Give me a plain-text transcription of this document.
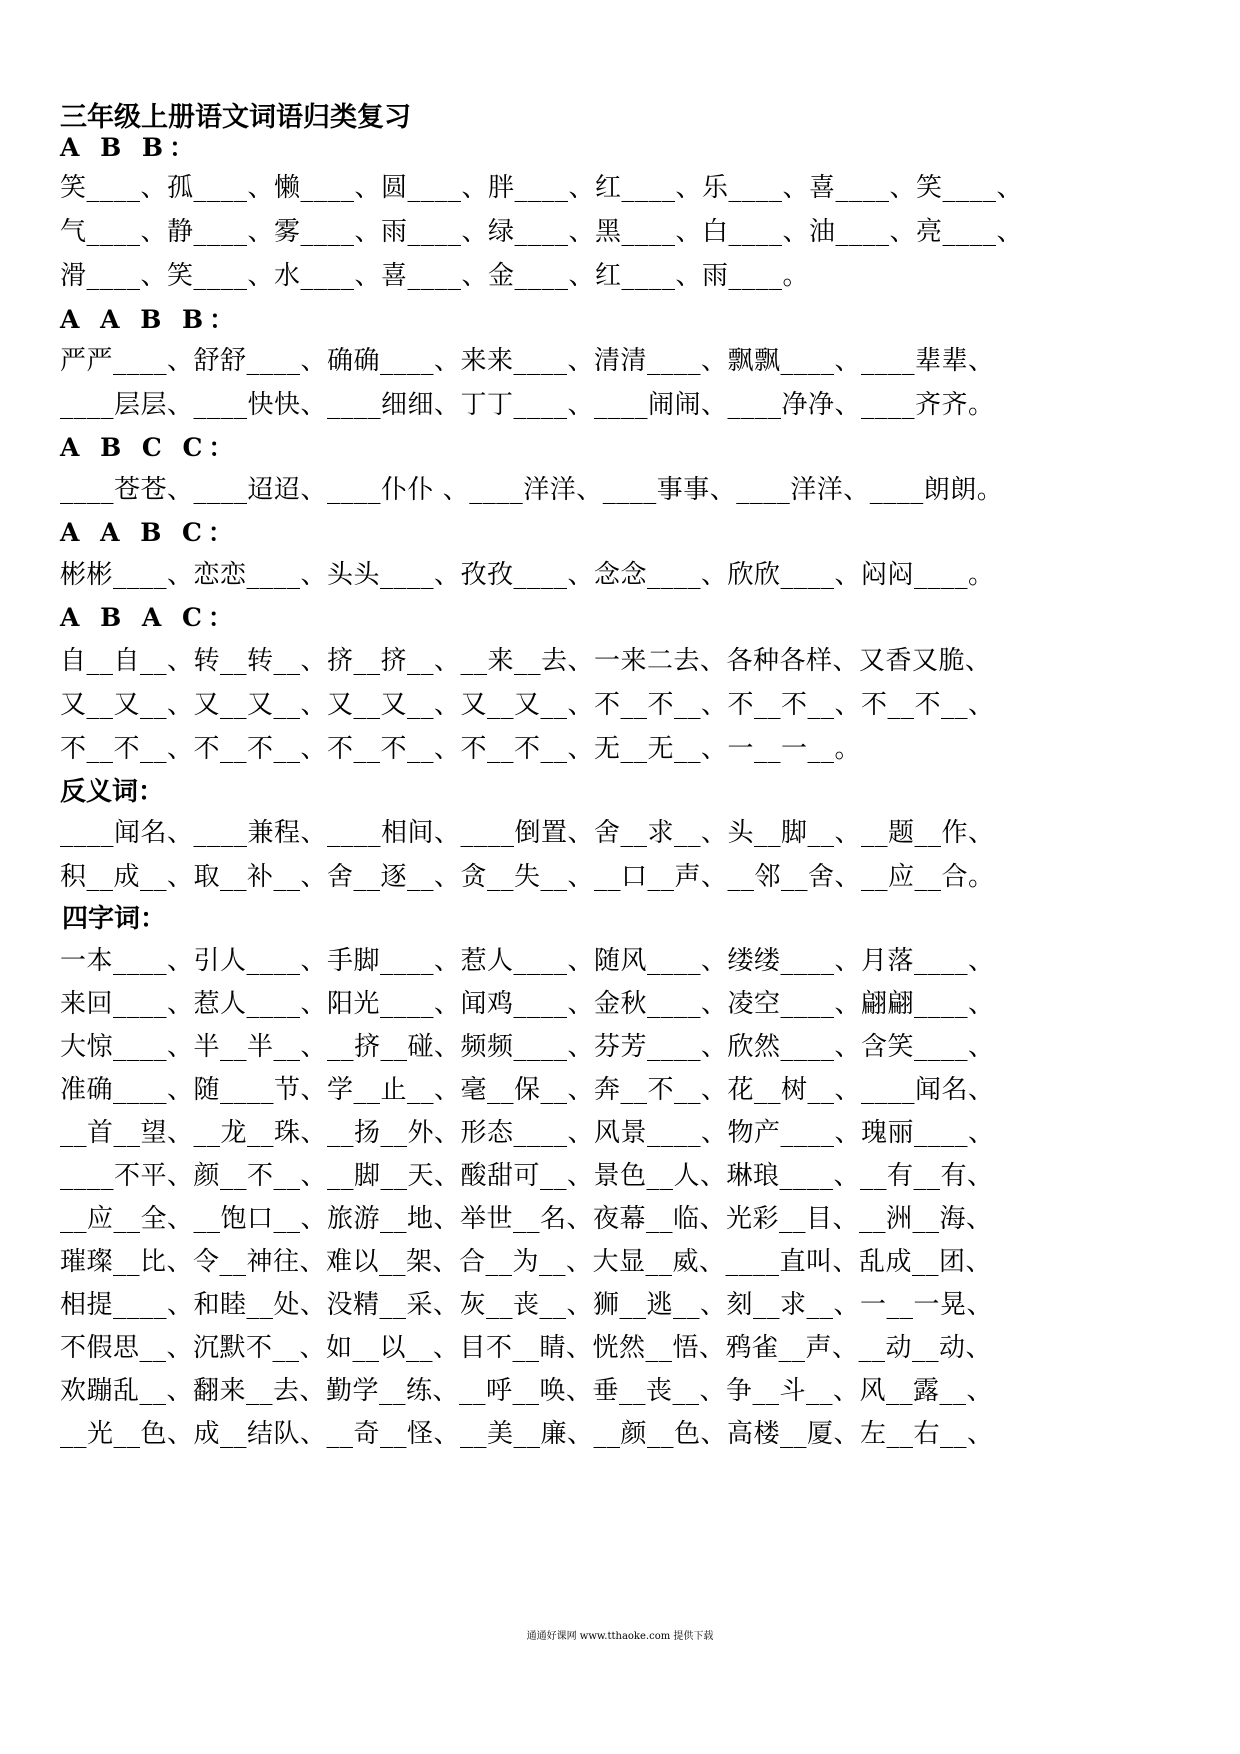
三年级上册语文词语归类复习
A B B：
笑____、孤____、懒____、圆____、胖____、红____、乐____、喜____、笑____、
气____、静____、雾____、雨____、绿____、黑____、白____、油____、亮____、
滑____、笑____、水____、喜____、金____、红____、雨____。
A A B B：
严严____、舒舒____、确确____、来来____、清清____、飘飘____、____辈辈、
____层层、____快快、____细细、丁丁____、____闹闹、____净净、____齐齐。
A B C C：
____苍苍、____迢迢、____仆仆 、____洋洋、____事事、____洋洋、____朗朗。
A A B C：
彬彬____、恋恋____、头头____、孜孜____、念念____、欣欣____、闷闷____。
A B A C：
自__自__、转__转__、挤__挤__、__来__去、一来二去、各种各样、又香又脆、
又__又__、又__又__、又__又__、又__又__、不__不__、不__不__、不__不__、
不__不__、不__不__、不__不__、不__不__、无__无__、一__一__。
反义词：
____闻名、____兼程、____相间、____倒置、舍__求__、头__脚__、__题__作、
积__成__、取__补__、舍__逐__、贪__失__、__口__声、__邻__舍、__应__合。
四字词：
一本____、引人____、手脚____、惹人____、随风____、缕缕____、月落____、
来回____、惹人____、阳光____、闻鸡____、金秋____、凌空____、翩翩____、
大惊____、半__半__、__挤__碰、频频____、芬芳____、欣然____、含笑____、
准确____、随____节、学__止__、毫__保__、奔__不__、花__树__、____闻名、
__首__望、__龙__珠、__扬__外、形态____、风景____、物产____、瑰丽____、
____不平、颜__不__、__脚__天、酸甜可__、景色__人、琳琅____、__有__有、
__应__全、__饱口__、旅游__地、举世__名、夜幕__临、光彩__目、__洲__海、
璀璨__比、令__神往、难以__架、合__为__、大显__威、____直叫、乱成__团、
相提____、和睦__处、没精__采、灰__丧__、狮__逃__、刻__求__、一__一晃、
不假思__、沉默不__、如__以__、目不__睛、恍然__悟、鸦雀__声、__动__动、
欢蹦乱__、翻来__去、勤学__练、__呼__唤、垂__丧__、争__斗__、风__露__、
__光__色、成__结队、__奇__怪、__美__廉、__颜__色、高楼__厦、左__右__、
通通好课网 www.tthaoke.com 提供下载
